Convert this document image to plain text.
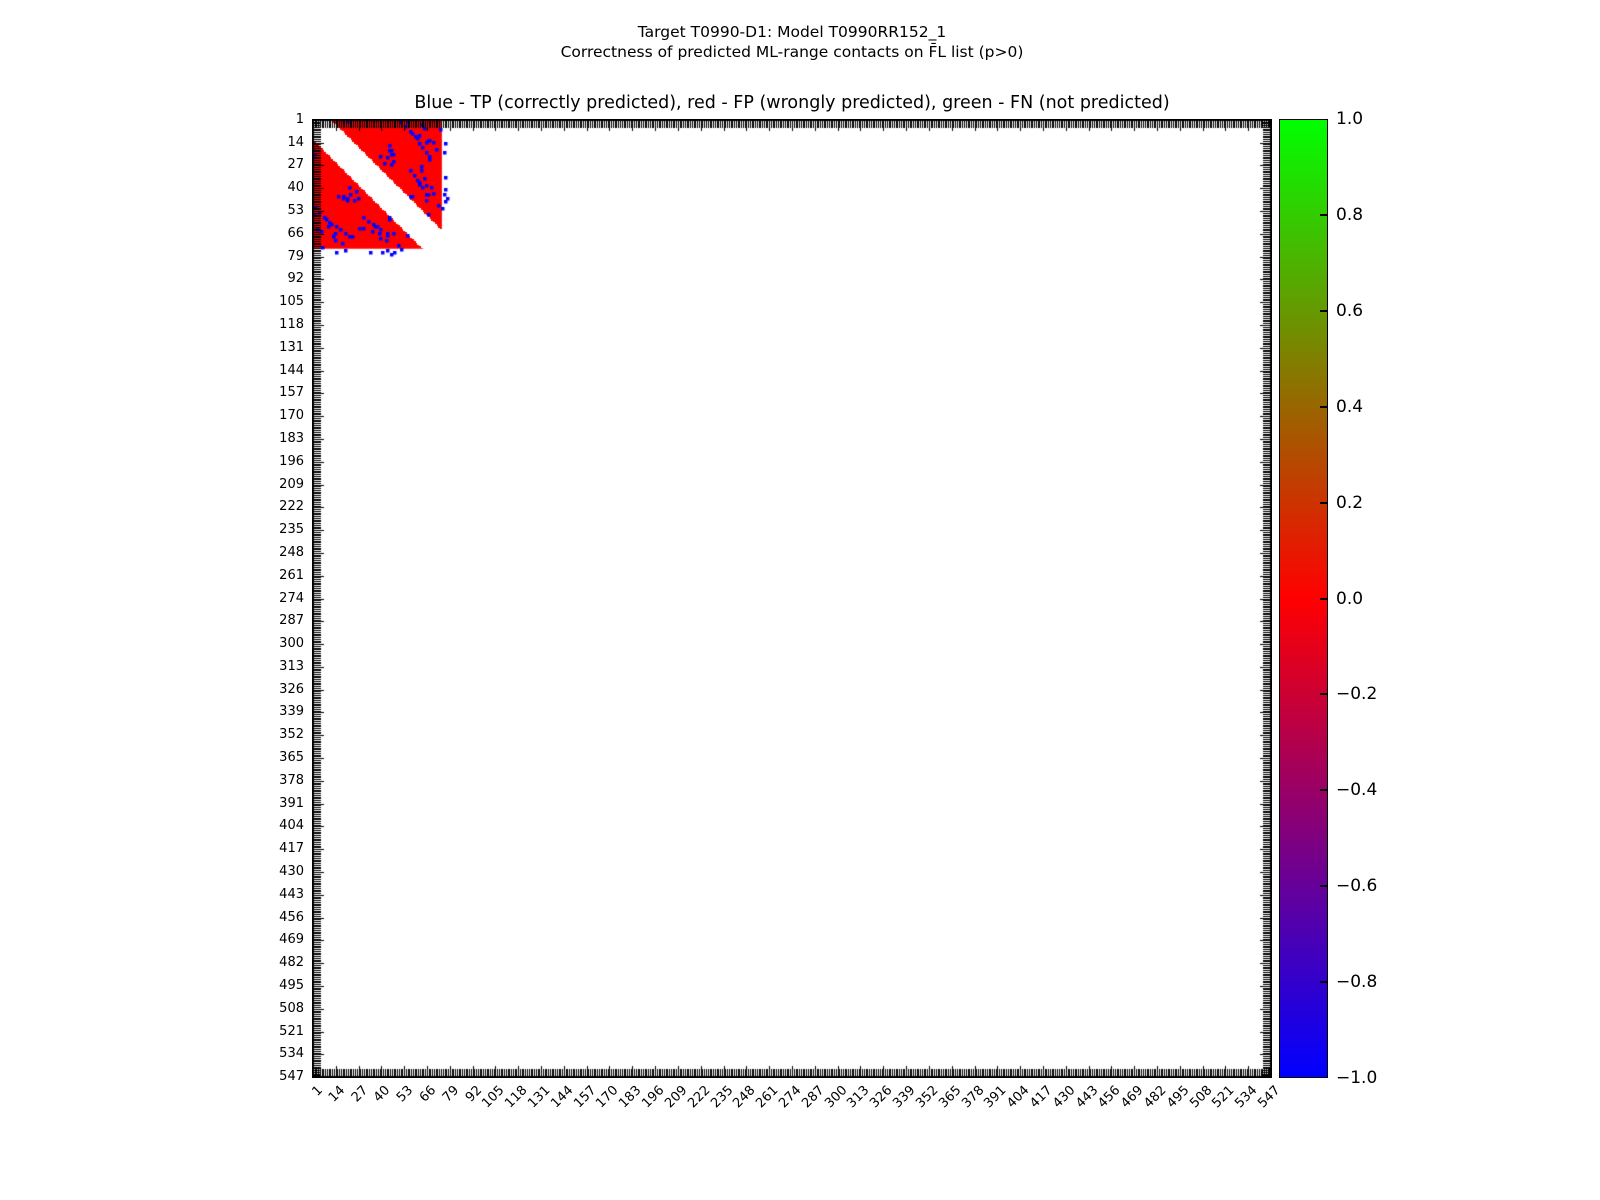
Target T0990-D1: Model T0990RR152_1
Correctness of predicted ML-range contacts on F̄L list (p>0)
Blue - TP (correctly predicted), red - FP (wrongly predicted), green - FN (not predicted)
1
14
27
40
53
66
79
92
105
118
131
144
157
170
183
196
209
222
235
248
261
274
287
300
313
326
339
352
365
378
391
404
417
430
443
456
469
482
495
508
521
534
547
1 14 27 40 53 66 79 92
105
118
131
144
157
170
183
196
209
222
235
248
261
274
287
300
313
326
339
352
365
378
391
404
417
430
443
456
469
482
495
508
521
534
547
1.0
0.8
0.6
0.4
0.2
0.0
−0.2
−0.4
−0.6
−0.8
−1.0
